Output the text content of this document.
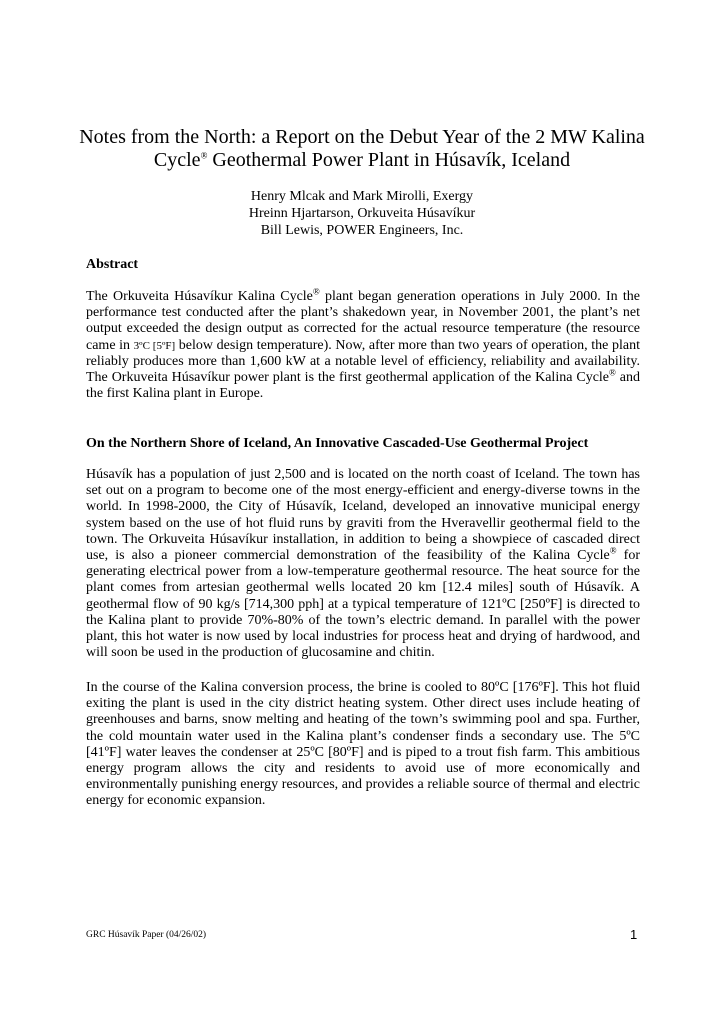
Notes from the North: a Report on the Debut Year of the 2 MW Kalina
Cycle® Geothermal Power Plant in Húsavík, Iceland
Henry Mlcak and Mark Mirolli, Exergy
Hreinn Hjartarson, Orkuveita Húsavíkur
Bill Lewis, POWER Engineers, Inc.
Abstract

The Orkuveita Húsavíkur Kalina Cycle® plant began generation operations in July 2000. In the performance test conducted after the plant’s shakedown year, in November 2001, the plant’s net output exceeded the design output as corrected for the actual resource temperature (the resource came in 3ºC [5ºF] below design temperature). Now, after more than two years of operation, the plant reliably produces more than 1,600 kW at a notable level of efficiency, reliability and availability. The Orkuveita Húsavíkur power plant is the first geothermal application of the Kalina Cycle® and the first Kalina plant in Europe.

On the Northern Shore of Iceland, An Innovative Cascaded-Use Geothermal Project

Húsavík has a population of just 2,500 and is located on the north coast of Iceland. The town has set out on a program to become one of the most energy-efficient and energy-diverse towns in the world. In 1998-2000, the City of Húsavík, Iceland, developed an innovative municipal energy system based on the use of hot fluid runs by graviti from the Hveravellir geothermal field to the town. The Orkuveita Húsavíkur installation, in addition to being a showpiece of cascaded direct use, is also a pioneer commercial demonstration of the feasibility of the Kalina Cycle® for generating electrical power from a low-temperature geothermal resource. The heat source for the plant comes from artesian geothermal wells located 20 km [12.4 miles] south of Húsavík. A geothermal flow of 90 kg/s [714,300 pph] at a typical temperature of 121ºC [250ºF] is directed to the Kalina plant to provide 70%-80% of the town’s electric demand. In parallel with the power plant, this hot water is now used by local industries for process heat and drying of hardwood, and will soon be used in the production of glucosamine and chitin.

In the course of the Kalina conversion process, the brine is cooled to 80ºC [176ºF]. This hot fluid exiting the plant is used in the city district heating system. Other direct uses include heating of greenhouses and barns, snow melting and heating of the town’s swimming pool and spa. Further, the cold mountain water used in the Kalina plant’s condenser finds a secondary use. The 5ºC [41ºF] water leaves the condenser at 25ºC [80ºF] and is piped to a trout fish farm. This ambitious energy program allows the city and residents to avoid use of more economically and environmentally punishing energy resources, and provides a reliable source of thermal and electric energy for economic expansion.

GRC Húsavík Paper (04/26/02)	1
